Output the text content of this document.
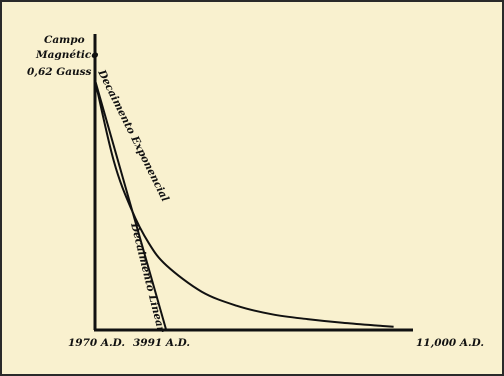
Campo
Magnético
0,62 Gauss
1970 A.D. 3991 A.D.	11,000 A.D.
Decaimento Exponencial
Decaimento Linear
